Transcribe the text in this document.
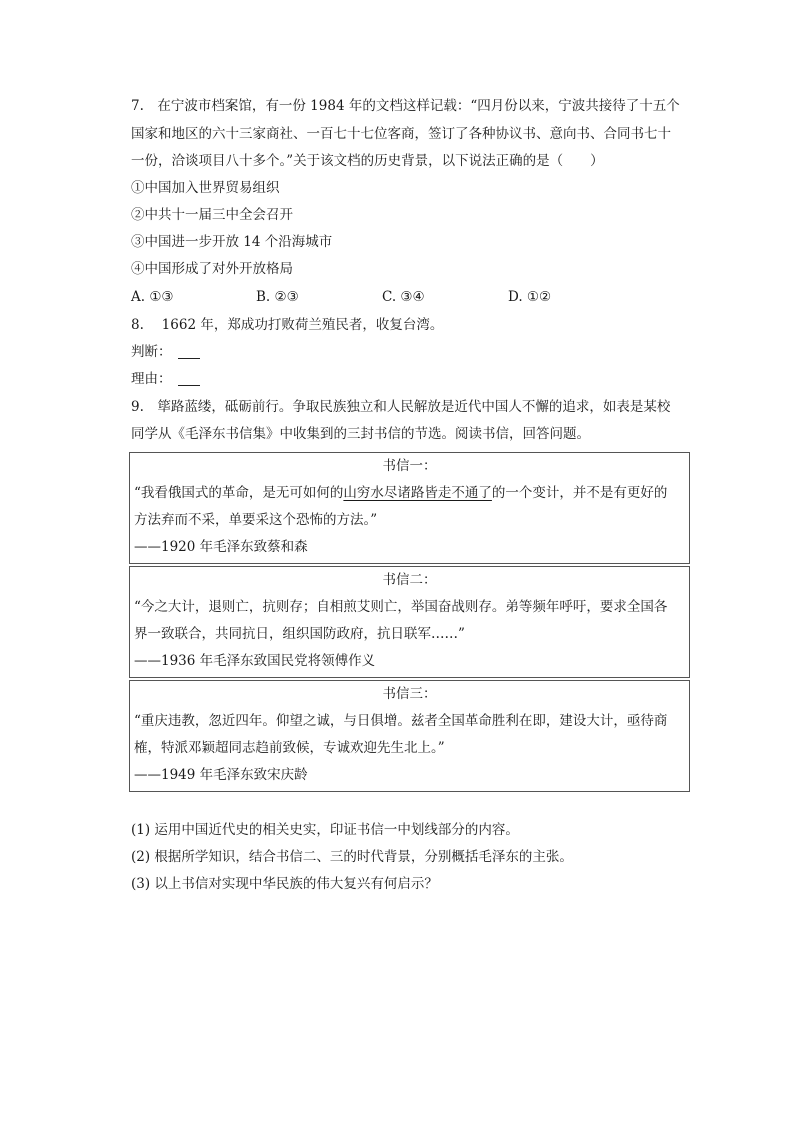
7.　在宁波市档案馆，有一份 1984 年的文档这样记载：“四月份以来，宁波共接待了十五个
国家和地区的六十三家商社、一百七十七位客商，签订了各种协议书、意向书、合同书七十
一份，洽谈项目八十多个。”关于该文档的历史背景，以下说法正确的是（　　）
①中国加入世界贸易组织
②中共十一届三中全会召开
③中国进一步开放 14 个沿海城市
④中国形成了对外开放格局
A. ①③	B. ②③	C. ③④	D. ①②
8.　 1662 年，郑成功打败荷兰殖民者，收复台湾。
判断：
理由：
9.　筚路蓝缕，砥砺前行。争取民族独立和人民解放是近代中国人不懈的追求，如表是某校
同学从《毛泽东书信集》中收集到的三封书信的节选。阅读书信，回答问题。
书信一：
“我看俄国式的革命，是无可如何的山穷水尽诸路皆走不通了的一个变计，并不是有更好的
方法弃而不采，单要采这个恐怖的方法。”
——1920 年毛泽东致蔡和森
书信二：
“今之大计，退则亡，抗则存；自相煎艾则亡，举国奋战则存。弟等频年呼吁，要求全国各
界一致联合，共同抗日，组织国防政府，抗日联军……”
——1936 年毛泽东致国民党将领傅作义
书信三：
“重庆违教，忽近四年。仰望之诚，与日俱增。兹者全国革命胜利在即，建设大计，亟待商
榷，特派邓颖超同志趋前致候，专诚欢迎先生北上。”
——1949 年毛泽东致宋庆龄
(1) 运用中国近代史的相关史实，印证书信一中划线部分的内容。
(2) 根据所学知识，结合书信二、三的时代背景，分别概括毛泽东的主张。
(3) 以上书信对实现中华民族的伟大复兴有何启示？
